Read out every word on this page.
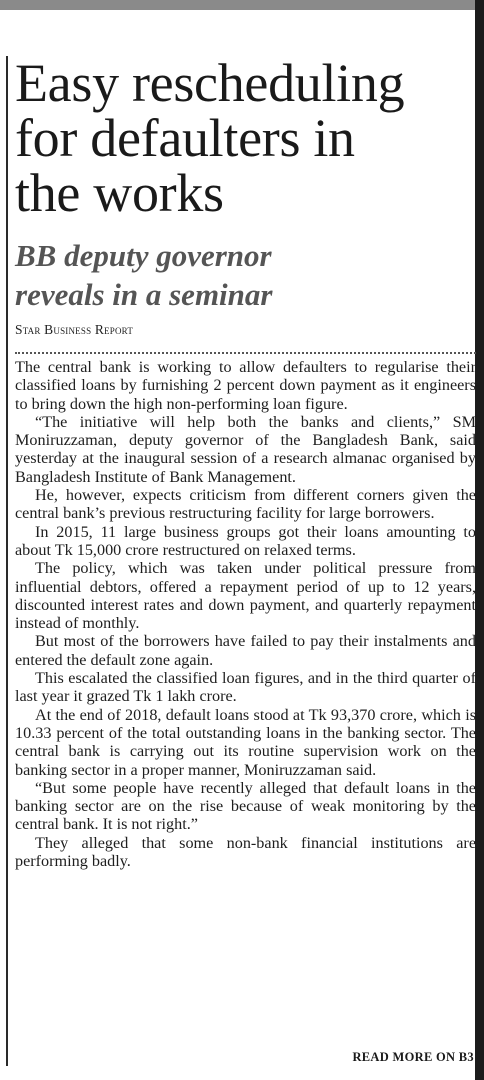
Easy rescheduling
for defaulters in
the works
BB deputy governor
reveals in a seminar
Star Business Report

The central bank is working to allow defaulters to regularise their classified loans by furnishing 2 percent down payment as it engineers to bring down the high non-performing loan figure.

“The initiative will help both the banks and clients,” SM Moniruzzaman, deputy governor of the Bangladesh Bank, said yesterday at the inaugural session of a research almanac organised by Bangladesh Institute of Bank Management.

He, however, expects criticism from different corners given the central bank’s previous restructuring facility for large borrowers.

In 2015, 11 large business groups got their loans amounting to about Tk 15,000 crore restructured on relaxed terms.

The policy, which was taken under political pressure from influential debtors, offered a repayment period of up to 12 years, discounted interest rates and down payment, and quarterly repayment instead of monthly.

But most of the borrowers have failed to pay their instalments and entered the default zone again.

This escalated the classified loan figures, and in the third quarter of last year it grazed Tk 1 lakh crore.

At the end of 2018, default loans stood at Tk 93,370 crore, which is 10.33 percent of the total outstanding loans in the banking sector. The central bank is carrying out its routine supervision work on the banking sector in a proper manner, Moniruzzaman said.

“But some people have recently alleged that default loans in the banking sector are on the rise because of weak monitoring by the central bank. It is not right.”

They alleged that some non-bank financial institutions are performing badly.

READ MORE ON B3
